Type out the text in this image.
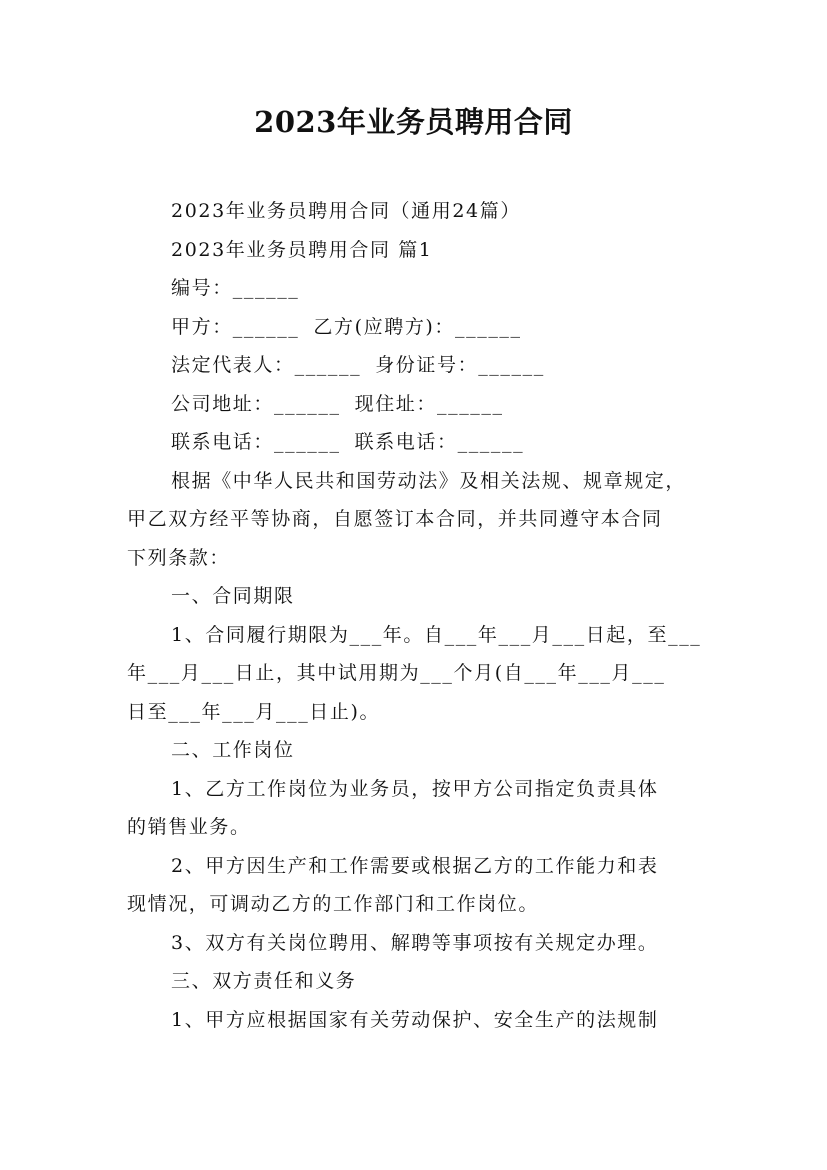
2023年业务员聘用合同
2023年业务员聘用合同（通用24篇）
2023年业务员聘用合同 篇1
编号：______
甲方：______ 乙方(应聘方)：______
法定代表人：______ 身份证号：______
公司地址：______ 现住址：______
联系电话：______ 联系电话：______
根据《中华人民共和国劳动法》及相关法规、规章规定，
甲乙双方经平等协商，自愿签订本合同，并共同遵守本合同
下列条款：
一、合同期限
1、合同履行期限为___年。自___年___月___日起，至___
年___月___日止，其中试用期为___个月(自___年___月___
日至___年___月___日止)。
二、工作岗位
1、乙方工作岗位为业务员，按甲方公司指定负责具体
的销售业务。
2、甲方因生产和工作需要或根据乙方的工作能力和表
现情况，可调动乙方的工作部门和工作岗位。
3、双方有关岗位聘用、解聘等事项按有关规定办理。
三、双方责任和义务
1、甲方应根据国家有关劳动保护、安全生产的法规制
